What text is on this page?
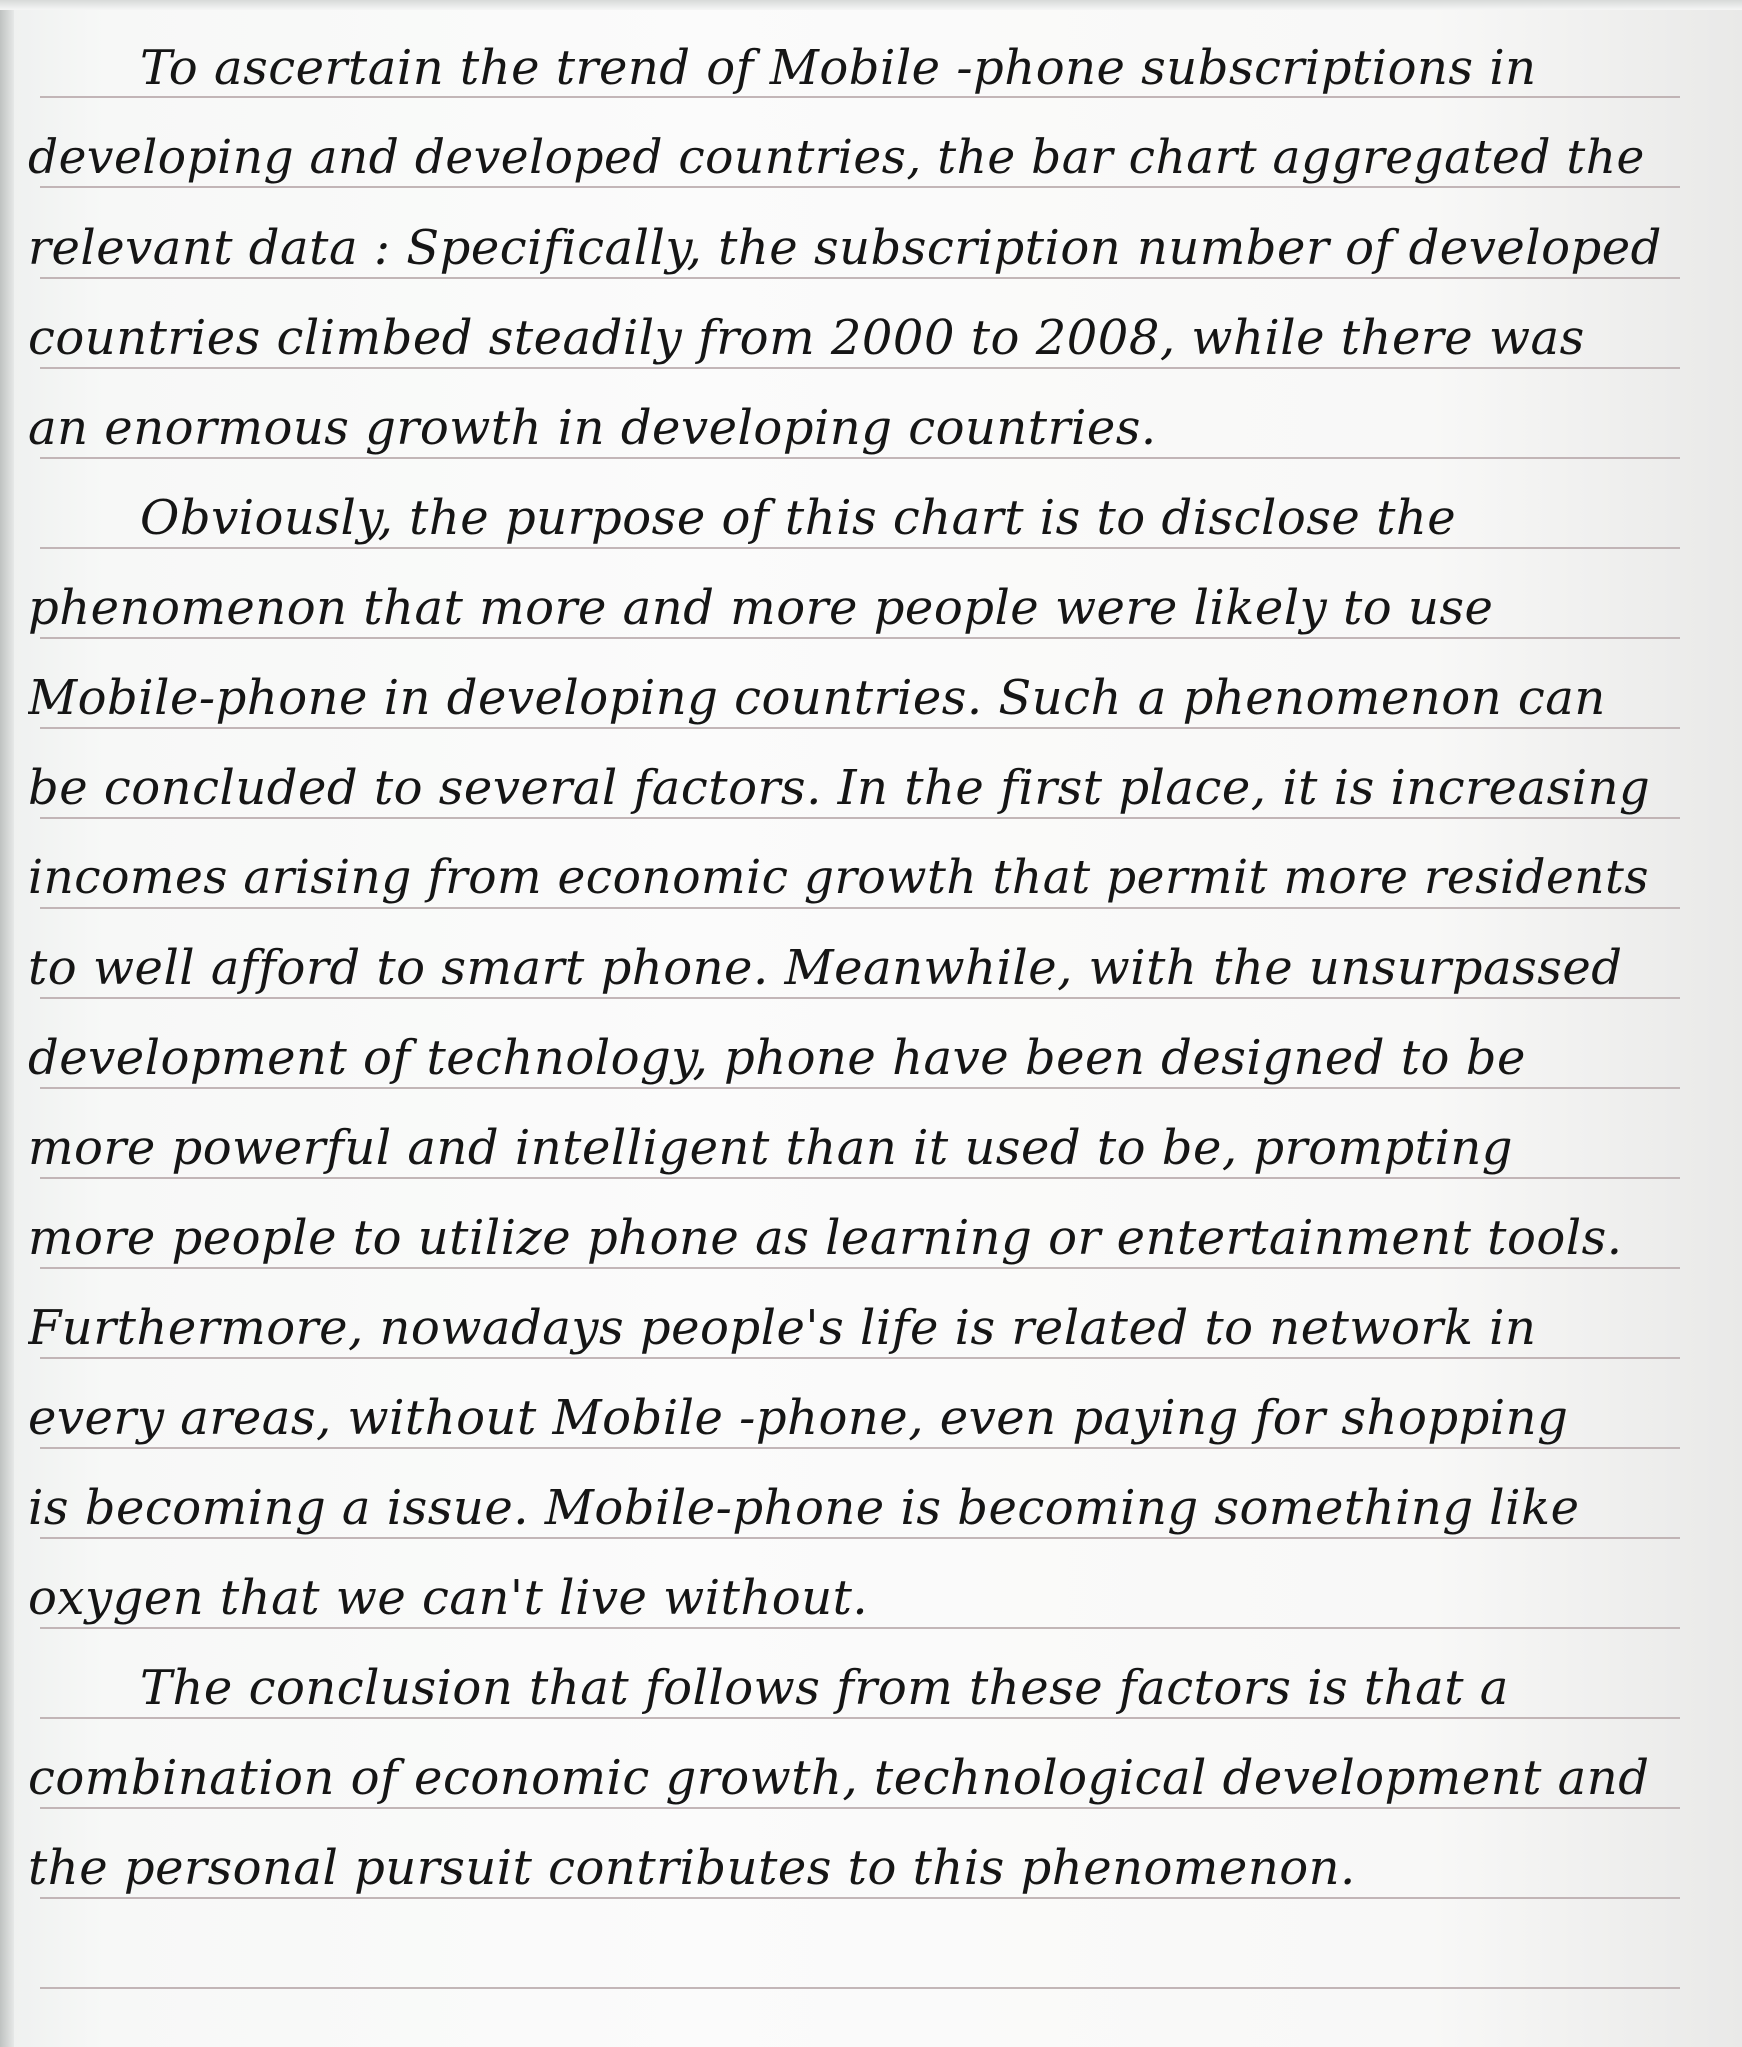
To ascertain the trend of Mobile -phone subscriptions in
developing and developed countries, the bar chart aggregated the
relevant data : Specifically, the subscription number of developed
countries climbed steadily from 2000 to 2008, while there was
an enormous growth in developing countries.
Obviously, the purpose of this chart is to disclose the
phenomenon that more and more people were likely to use
Mobile-phone in developing countries. Such a phenomenon can
be concluded to several factors. In the first place, it is increasing
incomes arising from economic growth that permit more residents
to well afford to smart phone. Meanwhile, with the unsurpassed
development of technology, phone have been designed to be
more powerful and intelligent than it used to be, prompting
more people to utilize phone as learning or entertainment tools.
Furthermore, nowadays people's life is related to network in
every areas, without Mobile -phone, even paying for shopping
is becoming a issue. Mobile-phone is becoming something like
oxygen that we can't live without.
The conclusion that follows from these factors is that a
combination of economic growth, technological development and
the personal pursuit contributes to this phenomenon.
